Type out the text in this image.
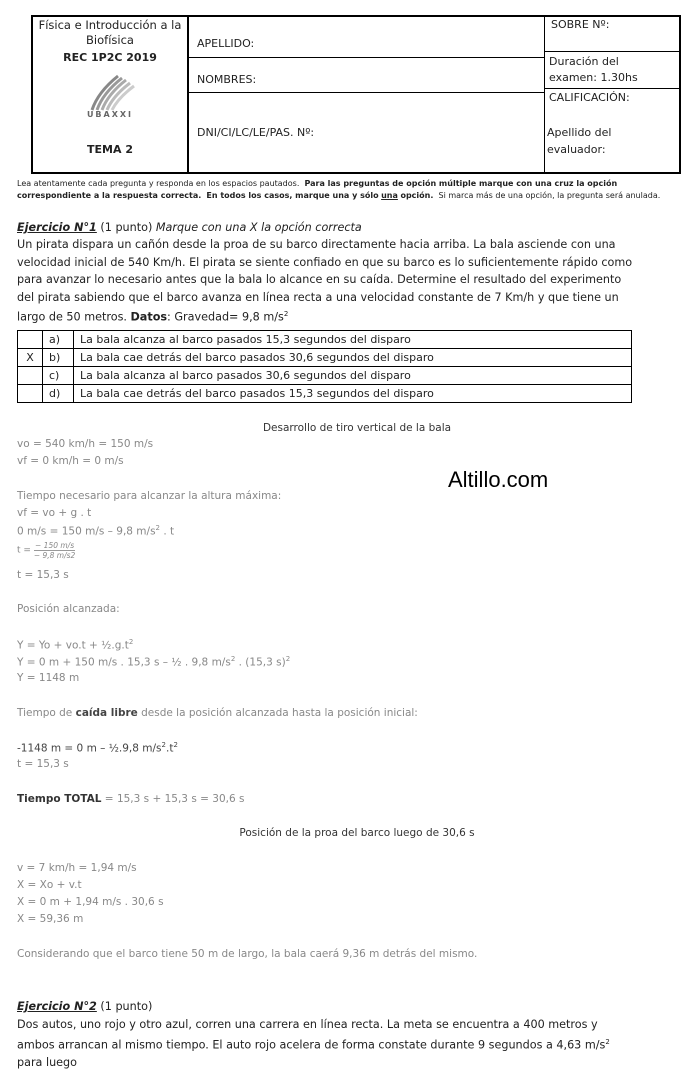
Física e Introducción a la Biofísica
REC 1P2C 2019
UBAXXI
TEMA 2
APELLIDO:
NOMBRES:
DNI/CI/LC/LE/PAS. Nº:
SOBRE Nº:
Duración del examen: 1.30hs
CALIFICACIÓN:
Apellido del evaluador:
Lea atentamente cada pregunta y responda en los espacios pautados. Para las preguntas de opción múltiple marque con una cruz la opción correspondiente a la respuesta correcta. En todos los casos, marque una y sólo una opción. Si marca más de una opción, la pregunta será anulada.
Ejercicio N°1 (1 punto) Marque con una X la opción correcta
Un pirata dispara un cañón desde la proa de su barco directamente hacia arriba. La bala asciende con una velocidad inicial de 540 Km/h. El pirata se siente confiado en que su barco es lo suficientemente rápido como para avanzar lo necesario antes que la bala lo alcance en su caída. Determine el resultado del experimento del pirata sabiendo que el barco avanza en línea recta a una velocidad constante de 7 Km/h y que tiene un largo de 50 metros. Datos: Gravedad= 9,8 $m/s^2$
	a)	La bala alcanza al barco pasados 15,3 segundos del disparo
X	b)	La bala cae detrás del barco pasados 30,6 segundos del disparo
	c)	La bala alcanza al barco pasados 30,6 segundos del disparo
	d)	La bala cae detrás del barco pasados 15,3 segundos del disparo
Desarrollo de tiro vertical de la bala
vo = 540 km/h = 150 m/s
vf = 0 km/h = 0 m/s
Altillo.com
Tiempo necesario para alcanzar la altura máxima:
vf = vo + g . t
0 m/s = 150 m/s – 9,8 $m/s^2$ . t
$t = \frac{- 150 m/s}{- 9,8 m/s2}$
t = 15,3 s
Posición alcanzada:
$Y = Yo + vo.t + \frac{1}{2}.g.t^2$
Y = 0 m + 150 m/s . 15,3 s – ½ . 9,8 $m/s^2$ . (15,3 s)$^2$
Y = 1148 m
Tiempo de caída libre desde la posición alcanzada hasta la posición inicial:
-1148 m = 0 m – ½.9,8 $m/s^2.t^2$
t = 15,3 s
Tiempo TOTAL = 15,3 s + 15,3 s = 30,6 s
Posición de la proa del barco luego de 30,6 s
v = 7 km/h = 1,94 m/s
X = Xo + v.t
X = 0 m + 1,94 m/s . 30,6 s
X = 59,36 m
Considerando que el barco tiene 50 m de largo, la bala caerá 9,36 m detrás del mismo.
Ejercicio N°2 (1 punto)
Dos autos, uno rojo y otro azul, corren una carrera en línea recta. La meta se encuentra a 400 metros y ambos arrancan al mismo tiempo. El auto rojo acelera de forma constate durante 9 segundos a 4,63 $m/s^2$ para luego
